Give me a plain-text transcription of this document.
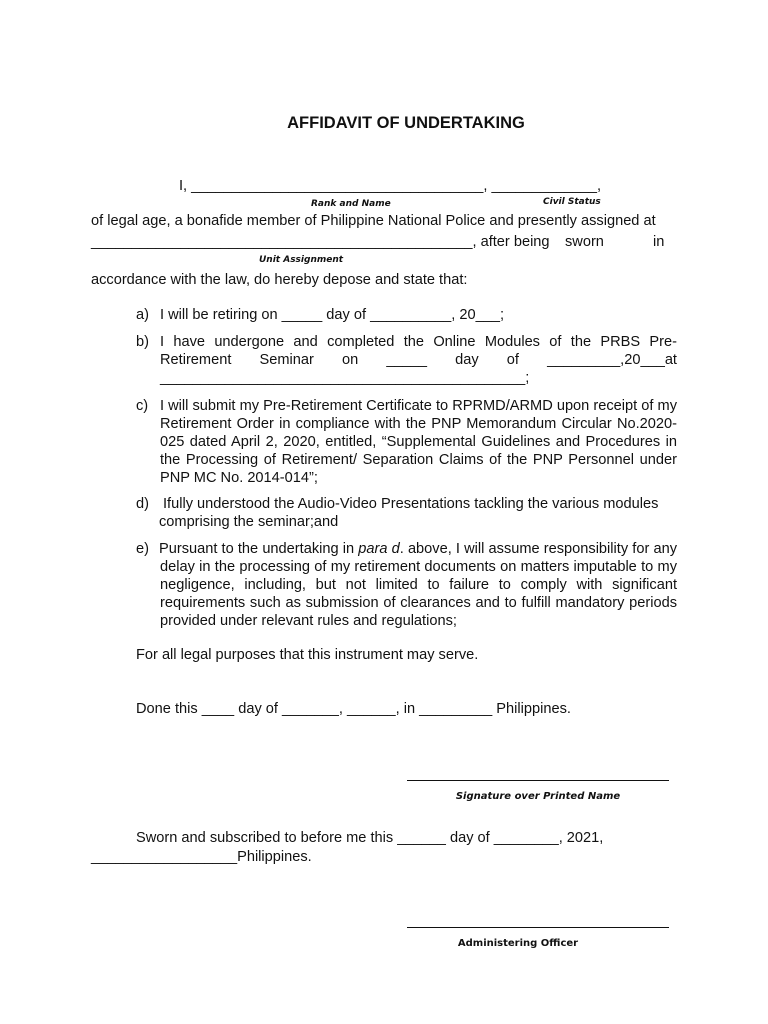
AFFIDAVIT OF UNDERTAKING
I, ____________________________________, _____________,
Rank and Name	Civil Status
of legal age, a bonafide member of Philippine National Police and presently assigned at
_______________________________________________, after being sworn	in
Unit Assignment
accordance with the law, do hereby depose and state that:
a) I will be retiring on _____ day of __________, 20___;
b) I have undergone and completed the Online Modules of the PRBS Pre-
Retirement    Seminar    on    _____    day    of    _________,20___at
_____________________________________________;
c) I will submit my Pre-Retirement Certificate to RPRMD/ARMD upon receipt of my Retirement Order in compliance with the PNP Memorandum Circular No.2020-025 dated April 2, 2020, entitled, “Supplemental Guidelines and Procedures in the Processing of Retirement/ Separation Claims of the PNP Personnel under PNP MC No. 2014-014”;
d) Ifully understood the Audio-Video Presentations tackling the various modules
comprising the seminar;and
e) Pursuant to the undertaking in para d. above, I will assume responsibility for any delay in the processing of my retirement documents on matters imputable to my negligence, including, but not limited to failure to comply with significant requirements such as submission of clearances and to fulfill mandatory periods provided under relevant rules and regulations;
For all legal purposes that this instrument may serve.
Done this ____ day of _______, ______, in _________ Philippines.
Signature over Printed Name
Sworn and subscribed to before me this ______ day of ________, 2021,
__________________Philippines.
Administering Officer
